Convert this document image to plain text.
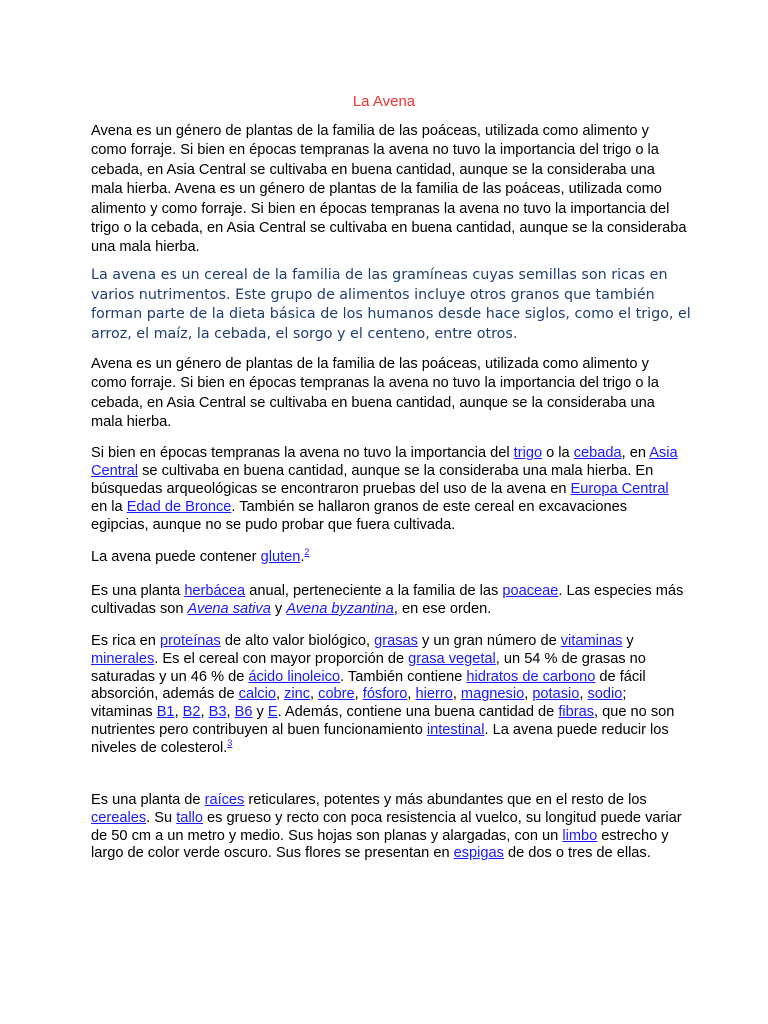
La Avena

Avena es un género de plantas de la familia de las poáceas, utilizada como alimento y como forraje. Si bien en épocas tempranas la avena no tuvo la importancia del trigo o la cebada, en Asia Central se cultivaba en buena cantidad, aunque se la consideraba una mala hierba. Avena es un género de plantas de la familia de las poáceas, utilizada como alimento y como forraje. Si bien en épocas tempranas la avena no tuvo la importancia del trigo o la cebada, en Asia Central se cultivaba en buena cantidad, aunque se la consideraba una mala hierba.

La avena es un cereal de la familia de las gramíneas cuyas semillas son ricas en varios nutrimentos. Este grupo de alimentos incluye otros granos que también forman parte de la dieta básica de los humanos desde hace siglos, como el trigo, el arroz, el maíz, la cebada, el sorgo y el centeno, entre otros.

Avena es un género de plantas de la familia de las poáceas, utilizada como alimento y como forraje. Si bien en épocas tempranas la avena no tuvo la importancia del trigo o la cebada, en Asia Central se cultivaba en buena cantidad, aunque se la consideraba una mala hierba.

Si bien en épocas tempranas la avena no tuvo la importancia del trigo o la cebada, en Asia Central se cultivaba en buena cantidad, aunque se la consideraba una mala hierba. En búsquedas arqueológicas se encontraron pruebas del uso de la avena en Europa Central en la Edad de Bronce. También se hallaron granos de este cereal en excavaciones egipcias, aunque no se pudo probar que fuera cultivada.

La avena puede contener gluten.$^2$

Es una planta herbácea anual, perteneciente a la familia de las poaceae. Las especies más cultivadas son Avena sativa y Avena byzantina, en ese orden.

Es rica en proteínas de alto valor biológico, grasas y un gran número de vitaminas y minerales. Es el cereal con mayor proporción de grasa vegetal, un 54 % de grasas no saturadas y un 46 % de ácido linoleico. También contiene hidratos de carbono de fácil absorción, además de calcio, zinc, cobre, fósforo, hierro, magnesio, potasio, sodio; vitaminas B1, B2, B3, B6 y E. Además, contiene una buena cantidad de fibras, que no son nutrientes pero contribuyen al buen funcionamiento intestinal. La avena puede reducir los niveles de colesterol.$^3$

Es una planta de raíces reticulares, potentes y más abundantes que en el resto de los cereales. Su tallo es grueso y recto con poca resistencia al vuelco, su longitud puede variar de 50 cm a un metro y medio. Sus hojas son planas y alargadas, con un limbo estrecho y largo de color verde oscuro. Sus flores se presentan en espigas de dos o tres de ellas.
